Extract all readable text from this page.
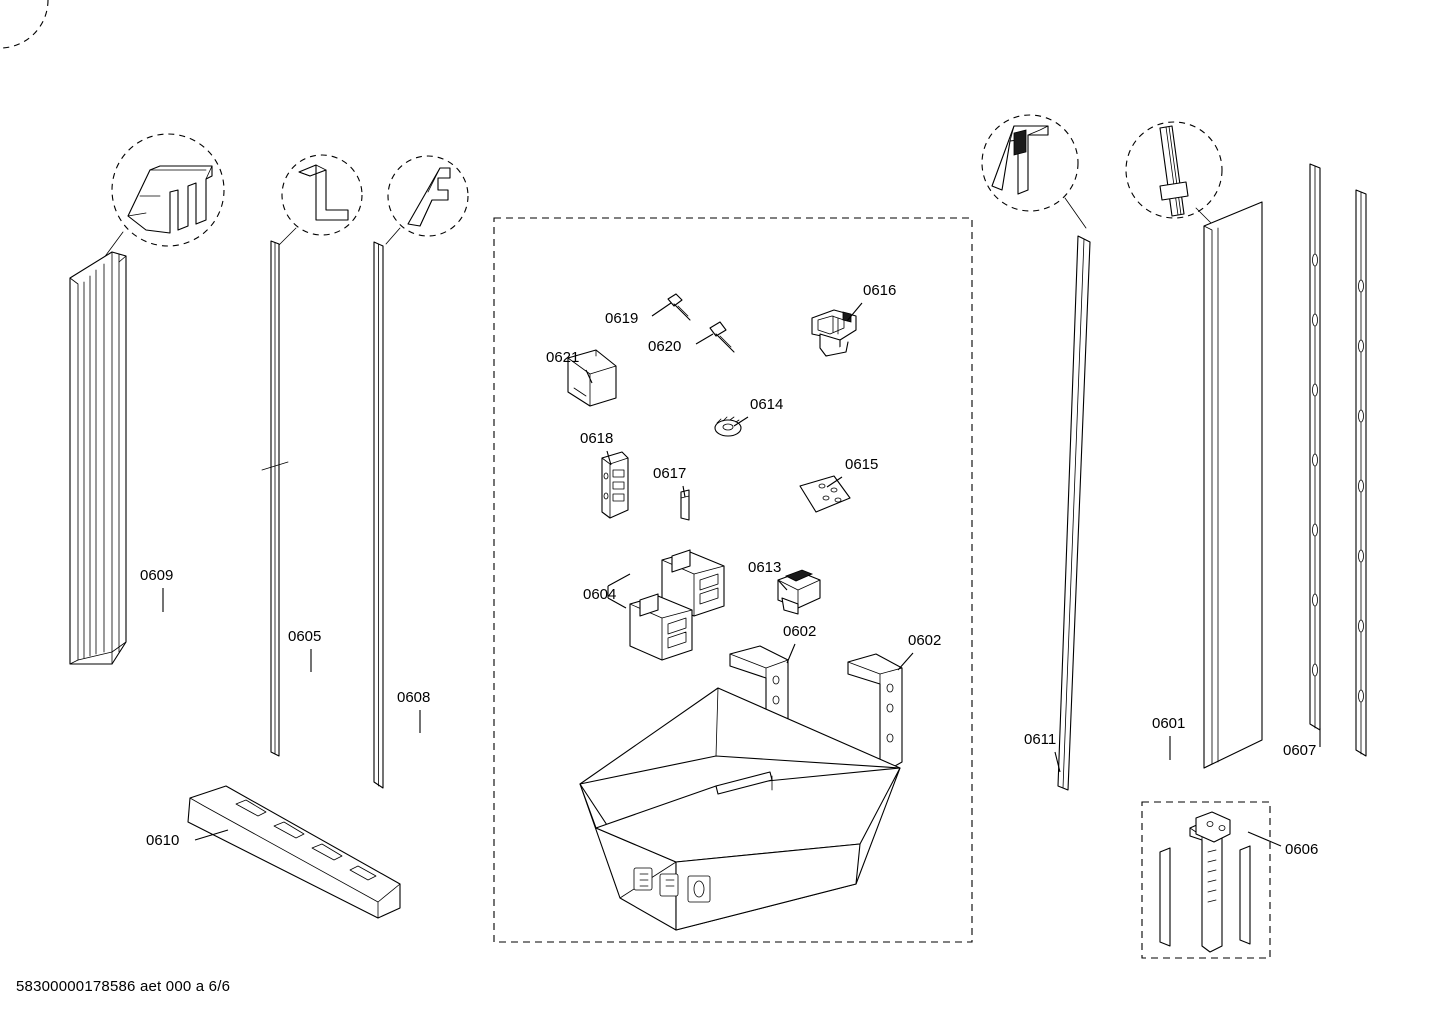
0609
0605
0608
0610
0619
0620
0616
0621
0614
0618
0617
0615
0604
0613
0602
0602
0611
0601
0607
0606
58300000178586 aet 000 a 6/6
